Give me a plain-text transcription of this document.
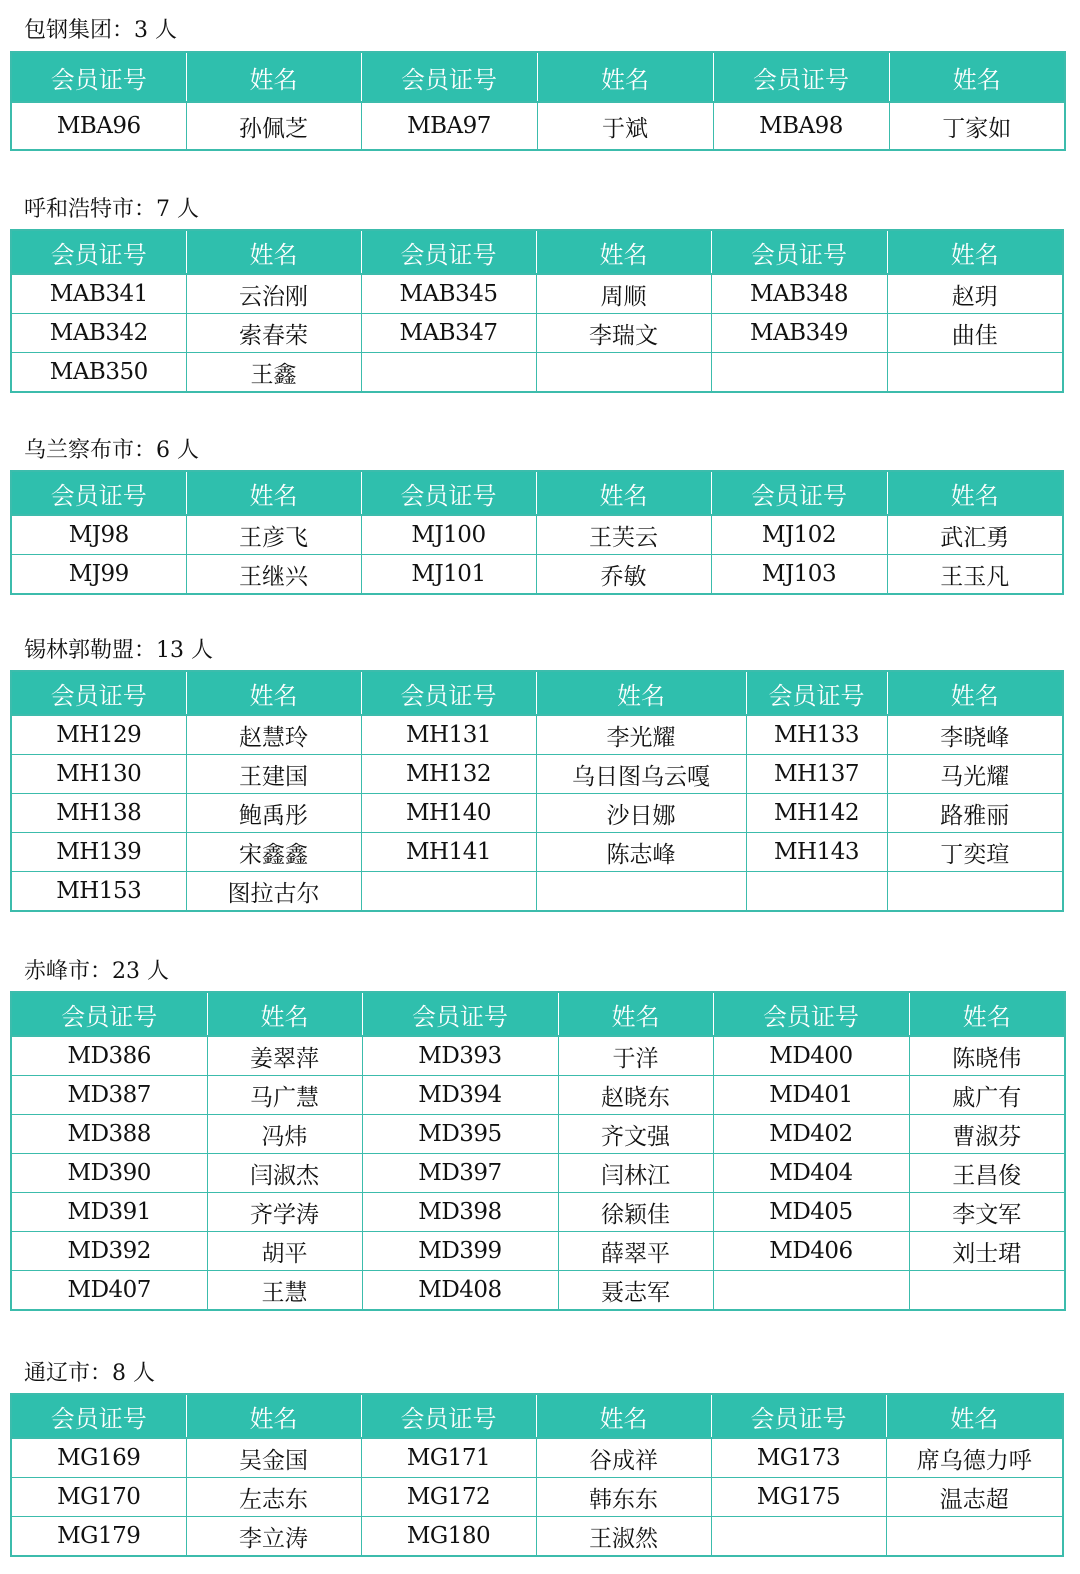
包钢集团：3 人
会员证号	姓名	会员证号	姓名	会员证号	姓名
MBA96	孙佩芝	MBA97	于斌	MBA98	丁家如
呼和浩特市：7 人
会员证号	姓名	会员证号	姓名	会员证号	姓名
MAB341	云治刚	MAB345	周顺	MAB348	赵玥
MAB342	索春荣	MAB347	李瑞文	MAB349	曲佳
MAB350	王鑫				
乌兰察布市：6 人
会员证号	姓名	会员证号	姓名	会员证号	姓名
MJ98	王彦飞	MJ100	王芙云	MJ102	武汇勇
MJ99	王继兴	MJ101	乔敏	MJ103	王玉凡
锡林郭勒盟：13 人
会员证号	姓名	会员证号	姓名	会员证号	姓名
MH129	赵慧玲	MH131	李光耀	MH133	李晓峰
MH130	王建国	MH132	乌日图乌云嘎	MH137	马光耀
MH138	鲍禹彤	MH140	沙日娜	MH142	路雅丽
MH139	宋鑫鑫	MH141	陈志峰	MH143	丁奕瑄
MH153	图拉古尔				
赤峰市：23 人
会员证号	姓名	会员证号	姓名	会员证号	姓名
MD386	姜翠萍	MD393	于洋	MD400	陈晓伟
MD387	马广慧	MD394	赵晓东	MD401	戚广有
MD388	冯炜	MD395	齐文强	MD402	曹淑芬
MD390	闫淑杰	MD397	闫林江	MD404	王昌俊
MD391	齐学涛	MD398	徐颖佳	MD405	李文军
MD392	胡平	MD399	薛翠平	MD406	刘士珺
MD407	王慧	MD408	聂志军		
通辽市：8 人
会员证号	姓名	会员证号	姓名	会员证号	姓名
MG169	吴金国	MG171	谷成祥	MG173	席乌德力呼
MG170	左志东	MG172	韩东东	MG175	温志超
MG179	李立涛	MG180	王淑然		
